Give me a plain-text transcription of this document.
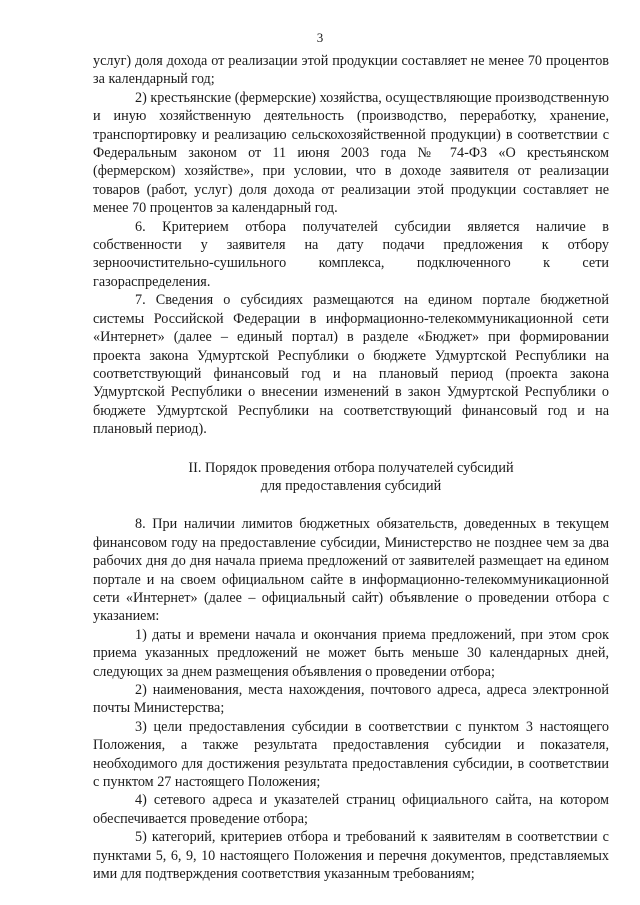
3

услуг) доля дохода от реализации этой продукции составляет не менее 70 процентов за календарный год;

2) крестьянские (фермерские) хозяйства, осуществляющие производственную и иную хозяйственную деятельность (производство, переработку, хранение, транспортировку и реализацию сельскохозяйственной продукции) в соответствии с Федеральным законом от 11 июня 2003 года № 74-ФЗ «О крестьянском (фермерском) хозяйстве», при условии, что в доходе заявителя от реализации товаров (работ, услуг) доля дохода от реализации этой продукции составляет не менее 70 процентов за календарный год.

6. Критерием отбора получателей субсидии является наличие в собственности у заявителя на дату подачи предложения к отбору зерноочистительно-сушильного комплекса, подключенного к сети газораспределения.

7. Сведения о субсидиях размещаются на едином портале бюджетной системы Российской Федерации в информационно-телекоммуникационной сети «Интернет» (далее – единый портал) в разделе «Бюджет» при формировании проекта закона Удмуртской Республики о бюджете Удмуртской Республики на соответствующий финансовый год и на плановый период (проекта закона Удмуртской Республики о внесении изменений в закон Удмуртской Республики о бюджете Удмуртской Республики на соответствующий финансовый год и на плановый период).

II. Порядок проведения отбора получателей субсидий
для предоставления субсидий

8. При наличии лимитов бюджетных обязательств, доведенных в текущем финансовом году на предоставление субсидии, Министерство не позднее чем за два рабочих дня до дня начала приема предложений от заявителей размещает на едином портале и на своем официальном сайте в информационно-телекоммуникационной сети «Интернет» (далее – официальный сайт) объявление о проведении отбора с указанием:

1) даты и времени начала и окончания приема предложений, при этом срок приема указанных предложений не может быть меньше 30 календарных дней, следующих за днем размещения объявления о проведении отбора;

2) наименования, места нахождения, почтового адреса, адреса электронной почты Министерства;

3) цели предоставления субсидии в соответствии с пунктом 3 настоящего Положения, а также результата предоставления субсидии и показателя, необходимого для достижения результата предоставления субсидии, в соответствии с пунктом 27 настоящего Положения;

4) сетевого адреса и указателей страниц официального сайта, на котором обеспечивается проведение отбора;

5) категорий, критериев отбора и требований к заявителям в соответствии с пунктами 5, 6, 9, 10 настоящего Положения и перечня документов, представляемых ими для подтверждения соответствия указанным требованиям;
